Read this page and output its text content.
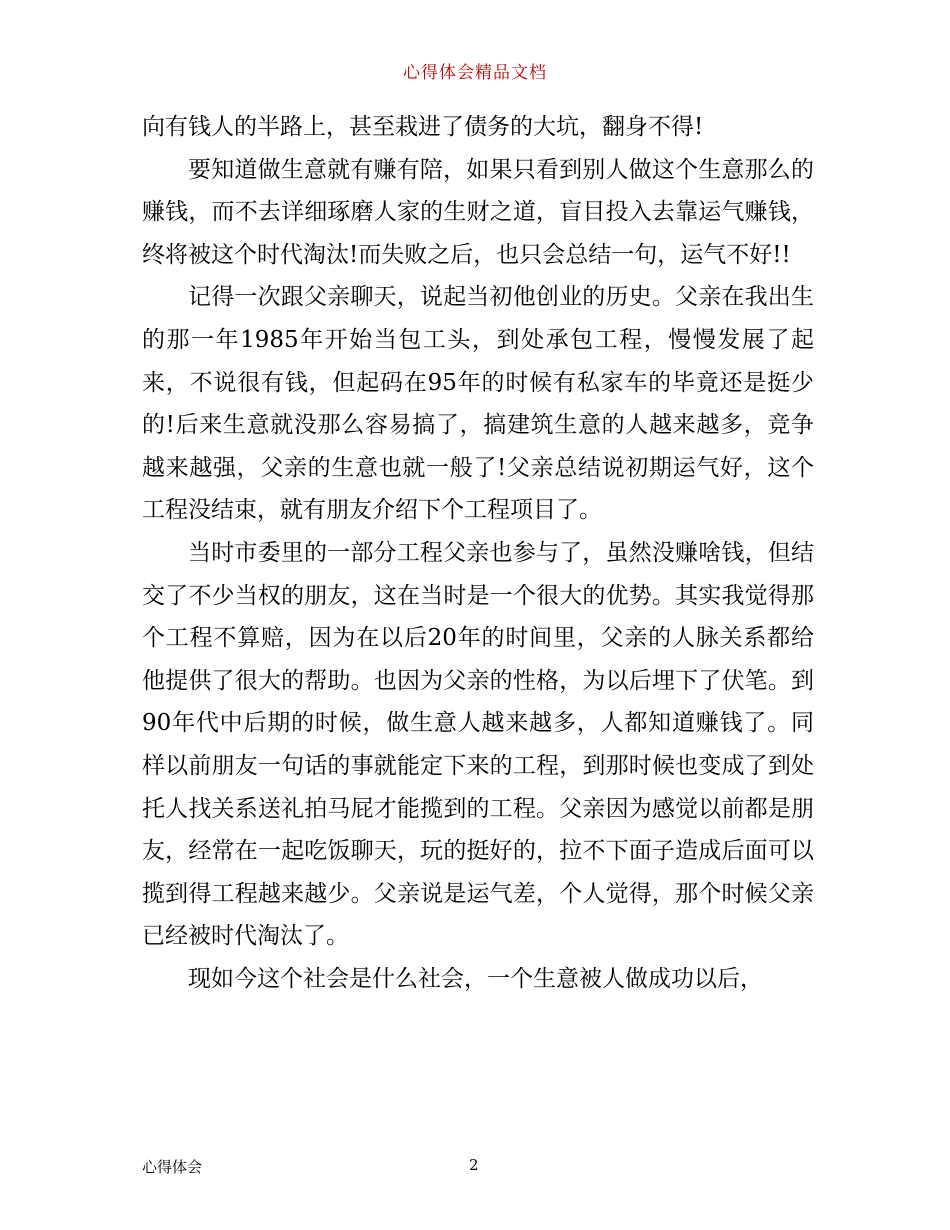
心得体会精品文档

向有钱人的半路上，甚至栽进了债务的大坑，翻身不得!

要知道做生意就有赚有陪，如果只看到别人做这个生意那么的赚钱，而不去详细琢磨人家的生财之道，盲目投入去靠运气赚钱，终将被这个时代淘汰!而失败之后，也只会总结一句，运气不好!!

记得一次跟父亲聊天，说起当初他创业的历史。父亲在我出生的那一年1985年开始当包工头，到处承包工程，慢慢发展了起来，不说很有钱，但起码在95年的时候有私家车的毕竟还是挺少的!后来生意就没那么容易搞了，搞建筑生意的人越来越多，竞争越来越强，父亲的生意也就一般了!父亲总结说初期运气好，这个工程没结束，就有朋友介绍下个工程项目了。

当时市委里的一部分工程父亲也参与了，虽然没赚啥钱，但结交了不少当权的朋友，这在当时是一个很大的优势。其实我觉得那个工程不算赔，因为在以后20年的时间里，父亲的人脉关系都给他提供了很大的帮助。也因为父亲的性格，为以后埋下了伏笔。到90年代中后期的时候，做生意人越来越多，人都知道赚钱了。同样以前朋友一句话的事就能定下来的工程，到那时候也变成了到处托人找关系送礼拍马屁才能揽到的工程。父亲因为感觉以前都是朋友，经常在一起吃饭聊天，玩的挺好的，拉不下面子造成后面可以揽到得工程越来越少。父亲说是运气差，个人觉得，那个时候父亲已经被时代淘汰了。

现如今这个社会是什么社会，一个生意被人做成功以后，

心得体会	2
